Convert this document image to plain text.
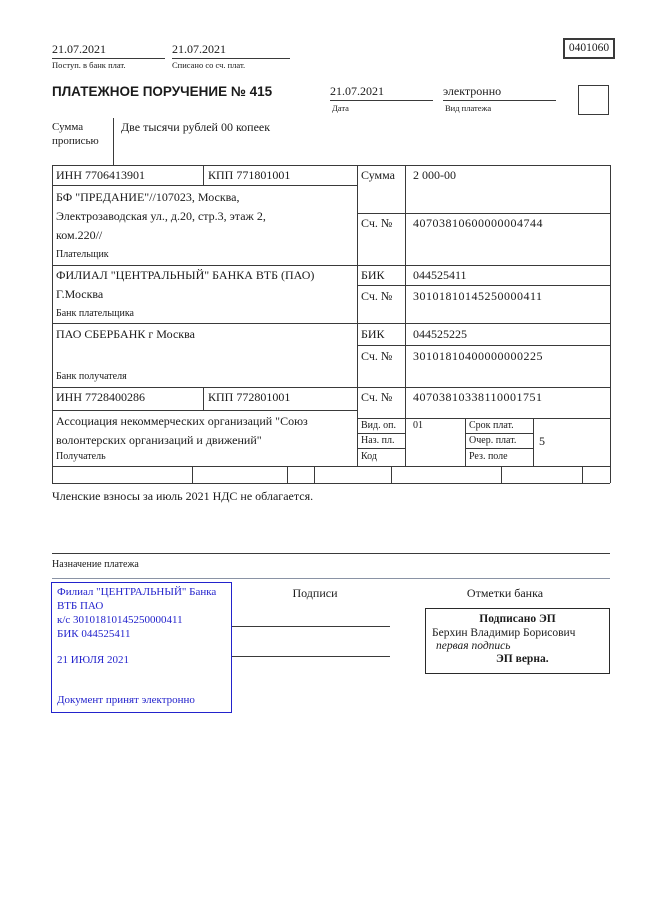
21.07.2021
Поступ. в банк плат.
21.07.2021
Списано со сч. плат.
0401060
ПЛАТЕЖНОЕ ПОРУЧЕНИЕ № 415	21.07.2021
Дата
электронно
Вид платежа
Сумма
прописью
Две тысячи рублей 00 копеек
ИНН 7706413901	КПП 771801001	Сумма 2 000-00
БФ "ПРЕДАНИЕ"//107023, Москва, Электрозаводская ул., д.20, стр.3, этаж 2, ком.220//
Плательщик
Сч. № 40703810600000004744
ФИЛИАЛ "ЦЕНТРАЛЬНЫЙ" БАНКА ВТБ (ПАО)
Г.Москва
Банк плательщика
БИК 044525411
Сч. № 30101810145250000411
ПАО СБЕРБАНК г Москва
Банк получателя
БИК 044525225
Сч. № 30101810400000000225
ИНН 7728400286	КПП 772801001	Сч. № 40703810338110001751
Ассоциация некоммерческих организаций "Союз волонтерских организаций и движений"
Получатель
Вид. оп. 01
Наз. пл.
Код
Срок плат.
Очер. плат. 5
Рез. поле
Членские взносы за июль 2021 НДС не облагается.
Назначение платежа
Подписи	Отметки банка
Филиал "ЦЕНТРАЛЬНЫЙ" Банка
ВТБ ПАО
к/с 30101810145250000411
БИК 044525411
21 ИЮЛЯ 2021
Документ принят электронно
Подписано ЭП
Берхин Владимир Борисович
первая подпись
ЭП верна.
